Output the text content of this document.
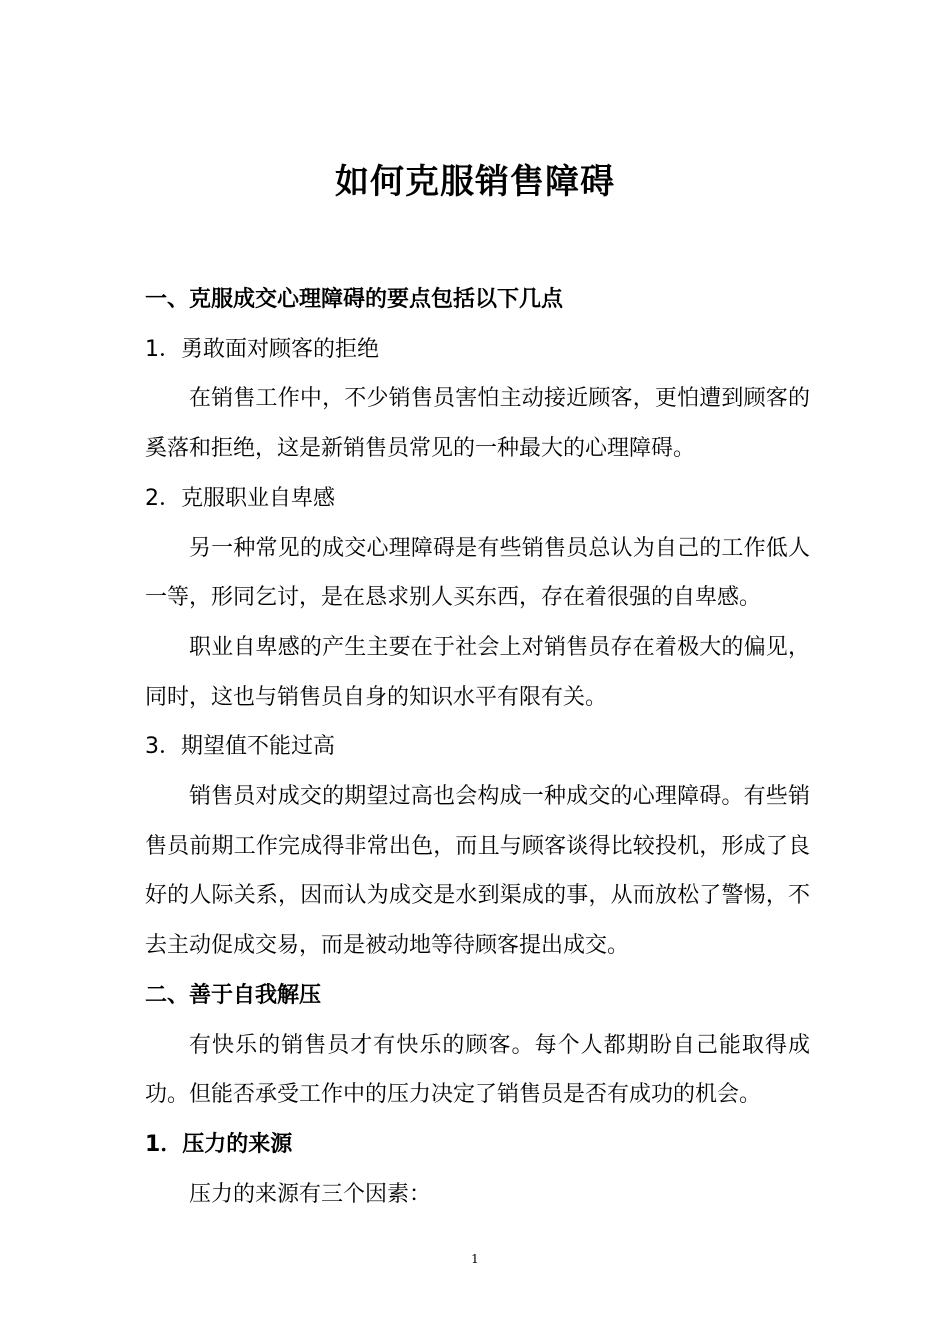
如何克服销售障碍
一、克服成交心理障碍的要点包括以下几点
1．勇敢面对顾客的拒绝

在销售工作中，不少销售员害怕主动接近顾客，更怕遭到顾客的奚落和拒绝，这是新销售员常见的一种最大的心理障碍。

2．克服职业自卑感

另一种常见的成交心理障碍是有些销售员总认为自己的工作低人一等，形同乞讨，是在恳求别人买东西，存在着很强的自卑感。

职业自卑感的产生主要在于社会上对销售员存在着极大的偏见，同时，这也与销售员自身的知识水平有限有关。

3．期望值不能过高

销售员对成交的期望过高也会构成一种成交的心理障碍。有些销售员前期工作完成得非常出色，而且与顾客谈得比较投机，形成了良好的人际关系，因而认为成交是水到渠成的事，从而放松了警惕，不去主动促成交易，而是被动地等待顾客提出成交。

二、善于自我解压

有快乐的销售员才有快乐的顾客。每个人都期盼自己能取得成功。但能否承受工作中的压力决定了销售员是否有成功的机会。

1．压力的来源

压力的来源有三个因素：

1
